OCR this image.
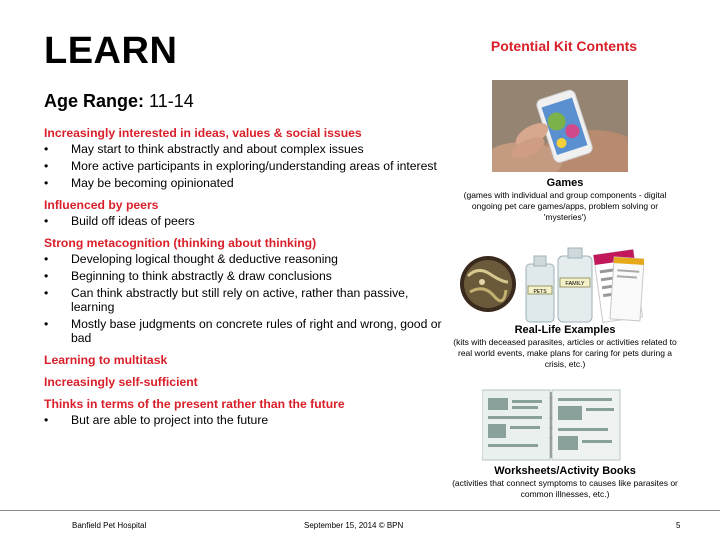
LEARN
Age Range: 11-14

Increasingly interested in ideas, values & social issues

• May start to think abstractly and about complex issues
• More active participants in exploring/understanding areas of interest
• May be becoming opinionated

Influenced by peers

• Build off ideas of peers

Strong metacognition (thinking about thinking)

• Developing logical thought & deductive reasoning
• Beginning to think abstractly & draw conclusions
• Can think abstractly but still rely on active, rather than passive, learning
• Mostly base judgments on concrete rules of right and wrong, good or bad

Learning to multitask

Increasingly self-sufficient

Thinks in terms of the present rather than the future

• But are able to project into the future
Potential Kit Contents
Games
(games with individual and group components - digital ongoing pet care games/apps, problem solving or 'mysteries')
PETS
FAMILY
Real-Life Examples
(kits with deceased parasites, articles or activities related to real world events, make plans for caring for pets during a crisis, etc.)
Worksheets/Activity Books
(activities that connect symptoms to causes like parasites or common illnesses, etc.)
Banfield Pet Hospital	September 15, 2014 © BPN	5
